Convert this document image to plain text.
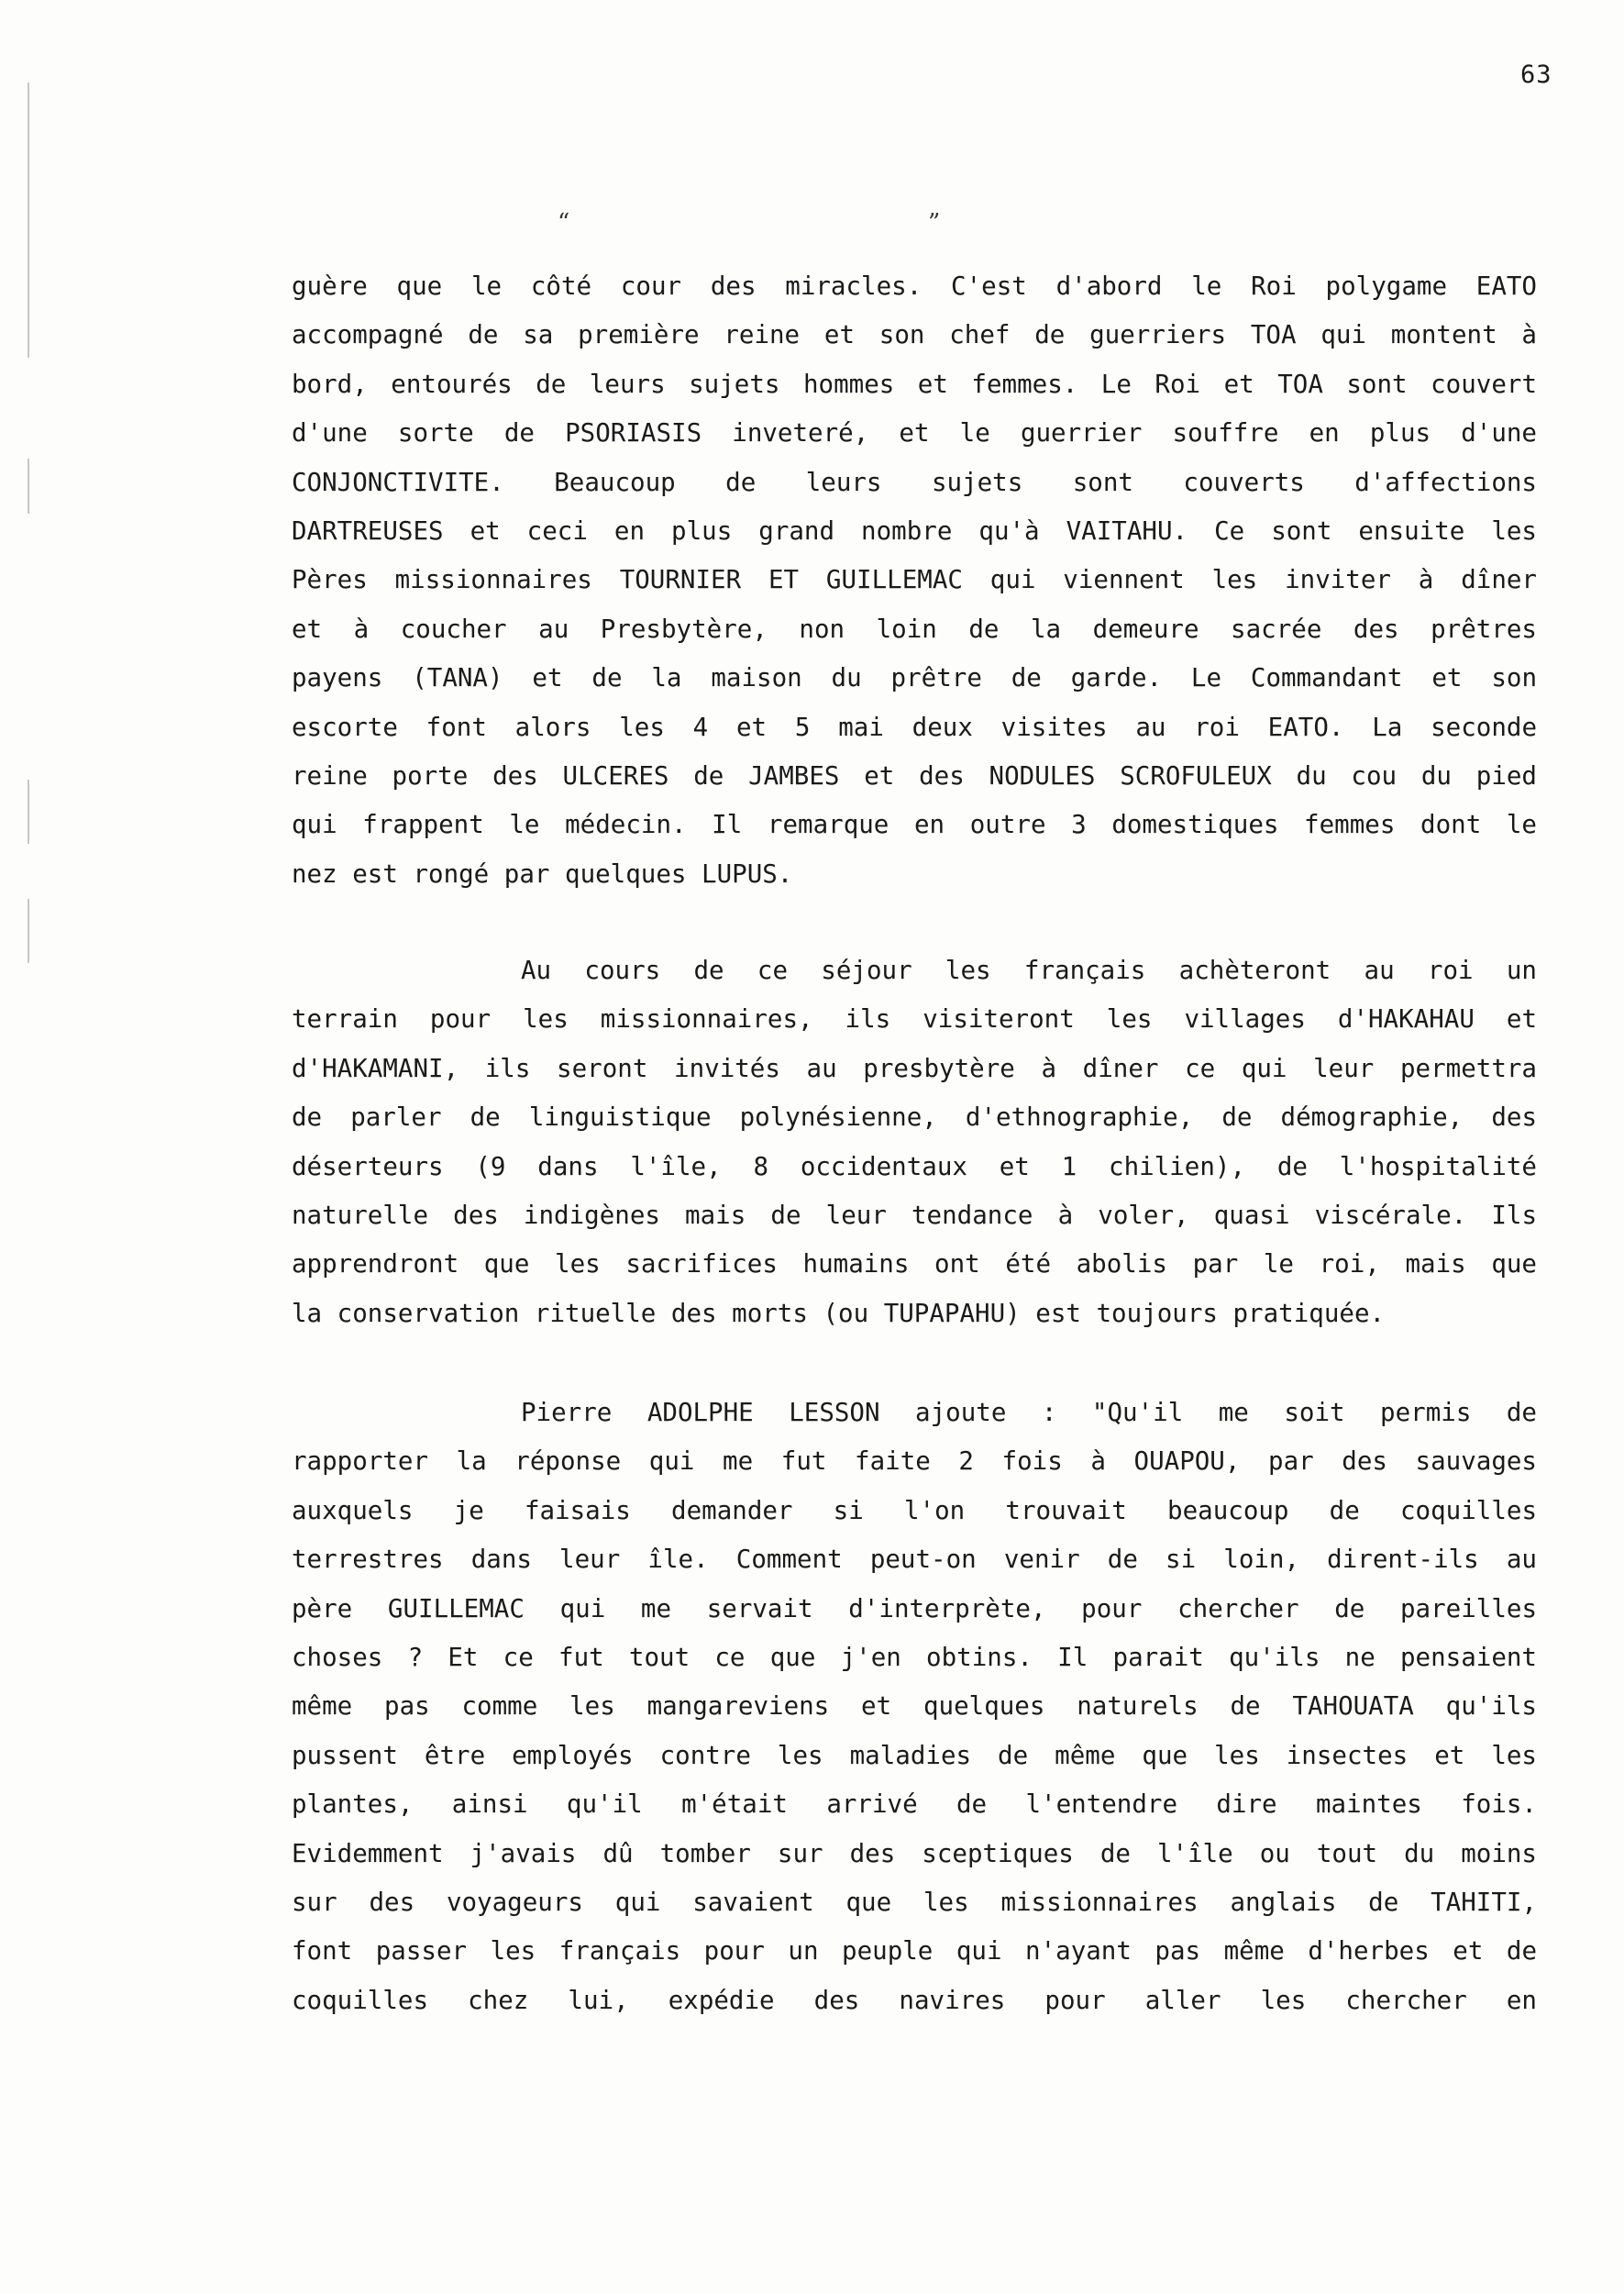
63
“	”
guère que le côté cour des miracles. C'est d'abord le Roi polygame EATO
accompagné de sa première reine et son chef de guerriers TOA qui montent à
bord, entourés de leurs sujets hommes et femmes. Le Roi et TOA sont couvert
d'une sorte de PSORIASIS inveteré, et le guerrier souffre en plus d'une
CONJONCTIVITE. Beaucoup de leurs sujets sont couverts d'affections
DARTREUSES et ceci en plus grand nombre qu'à VAITAHU. Ce sont ensuite les
Pères missionnaires TOURNIER ET GUILLEMAC qui viennent les inviter à dîner
et à coucher au Presbytère, non loin de la demeure sacrée des prêtres
payens (TANA) et de la maison du prêtre de garde. Le Commandant et son
escorte font alors les 4 et 5 mai deux visites au roi EATO. La seconde
reine porte des ULCERES de JAMBES et des NODULES SCROFULEUX du cou du pied
qui frappent le médecin. Il remarque en outre 3 domestiques femmes dont le
nez est rongé par quelques LUPUS.
Au cours de ce séjour les français achèteront au roi un
terrain pour les missionnaires, ils visiteront les villages d'HAKAHAU et
d'HAKAMANI, ils seront invités au presbytère à dîner ce qui leur permettra
de parler de linguistique polynésienne, d'ethnographie, de démographie, des
déserteurs (9 dans l'île, 8 occidentaux et 1 chilien), de l'hospitalité
naturelle des indigènes mais de leur tendance à voler, quasi viscérale. Ils
apprendront que les sacrifices humains ont été abolis par le roi, mais que
la conservation rituelle des morts (ou TUPAPAHU) est toujours pratiquée.
Pierre ADOLPHE LESSON ajoute : "Qu'il me soit permis de
rapporter la réponse qui me fut faite 2 fois à OUAPOU, par des sauvages
auxquels je faisais demander si l'on trouvait beaucoup de coquilles
terrestres dans leur île. Comment peut-on venir de si loin, dirent-ils au
père GUILLEMAC qui me servait d'interprète, pour chercher de pareilles
choses ? Et ce fut tout ce que j'en obtins. Il parait qu'ils ne pensaient
même pas comme les mangareviens et quelques naturels de TAHOUATA qu'ils
pussent être employés contre les maladies de même que les insectes et les
plantes, ainsi qu'il m'était arrivé de l'entendre dire maintes fois.
Evidemment j'avais dû tomber sur des sceptiques de l'île ou tout du moins
sur des voyageurs qui savaient que les missionnaires anglais de TAHITI,
font passer les français pour un peuple qui n'ayant pas même d'herbes et de
coquilles chez lui, expédie des navires pour aller les chercher en
